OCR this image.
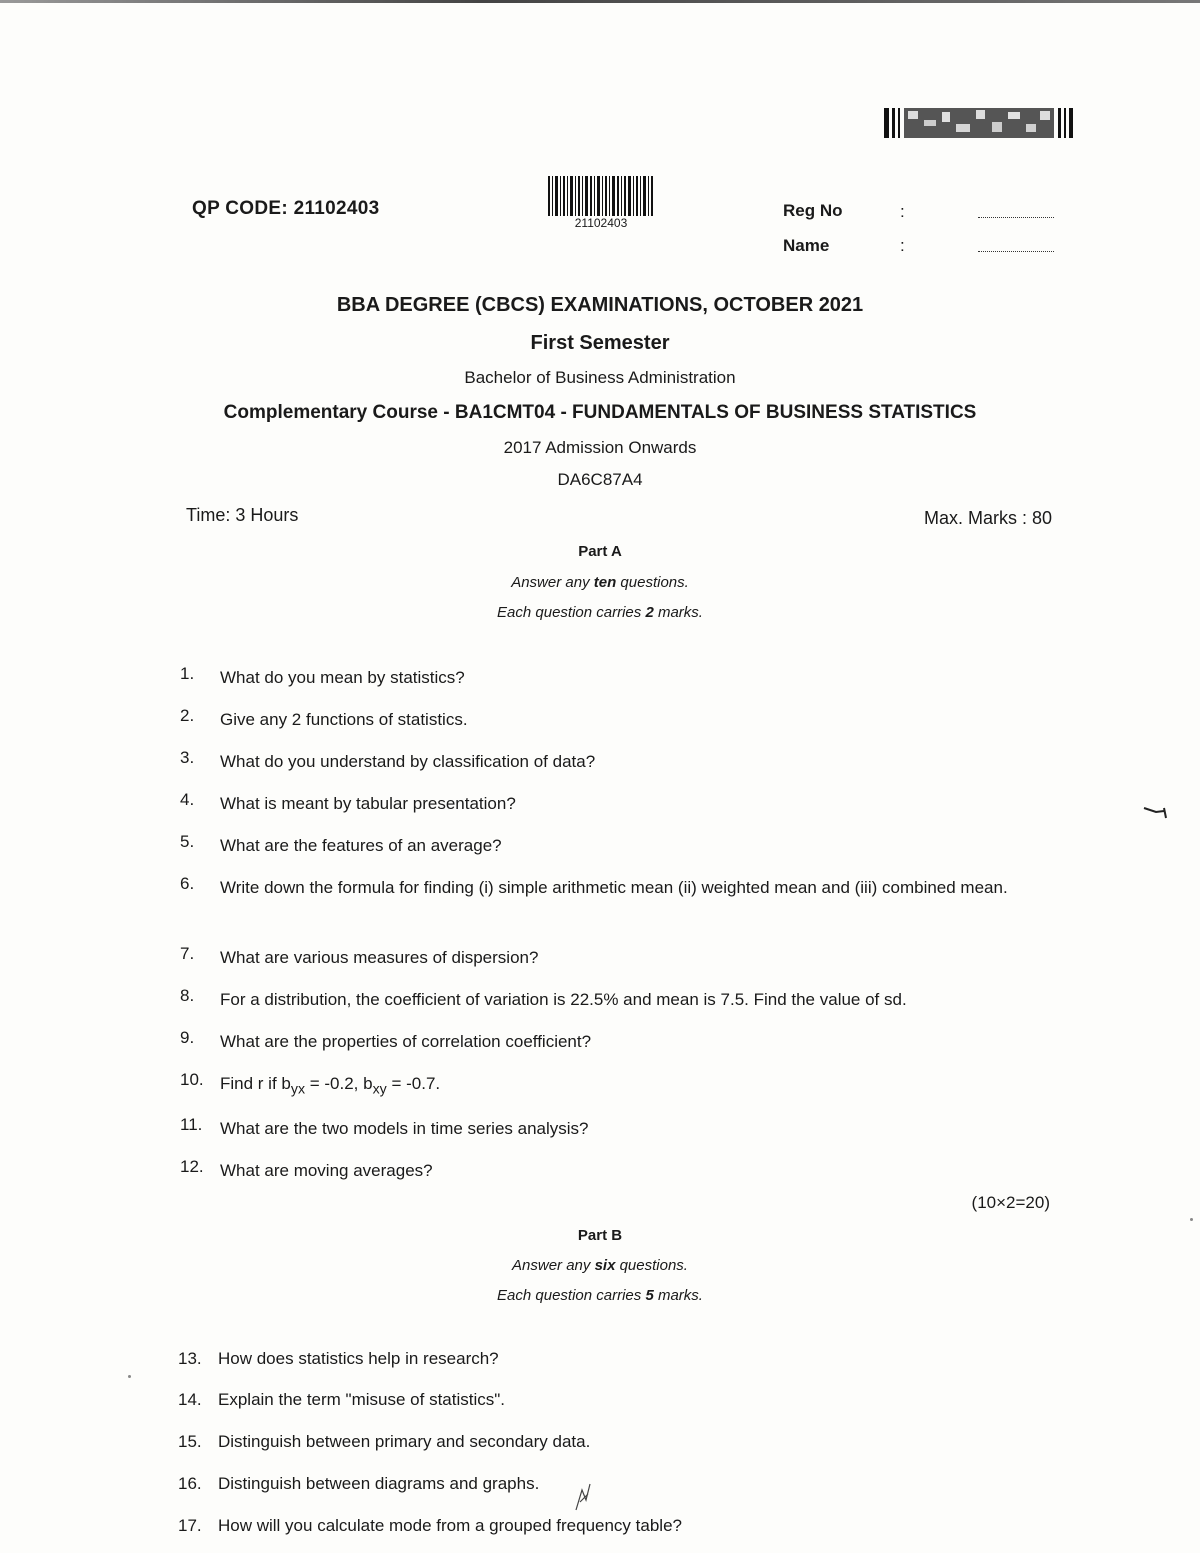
QP CODE: 21102403
21102403
Reg No	:
Name	:
BBA DEGREE (CBCS) EXAMINATIONS, OCTOBER 2021
First Semester
Bachelor of Business Administration
Complementary Course - BA1CMT04 - FUNDAMENTALS OF BUSINESS STATISTICS
2017 Admission Onwards
DA6C87A4
Time: 3 Hours	Max. Marks : 80
Part A
Answer any ten questions.
Each question carries 2 marks.
1.	What do you mean by statistics?
2.	Give any 2 functions of statistics.
3.	What do you understand by classification of data?
4.	What is meant by tabular presentation?
5.	What are the features of an average?
6.	Write down the formula for finding (i) simple arithmetic mean (ii) weighted mean and (iii) combined mean.
7.	What are various measures of dispersion?
8.	For a distribution, the coefficient of variation is 22.5% and mean is 7.5. Find the value of sd.
9.	What are the properties of correlation coefficient?
10. Find r if $b_{yx} = -0.2$, $b_{xy} = -0.7$.
11.	What are the two models in time series analysis?
12. What are moving averages?
(10×2=20)
Part B
Answer any six questions.
Each question carries 5 marks.
13. How does statistics help in research?
14. Explain the term "misuse of statistics".
15. Distinguish between primary and secondary data.
16. Distinguish between diagrams and graphs.
17. How will you calculate mode from a grouped frequency table?
